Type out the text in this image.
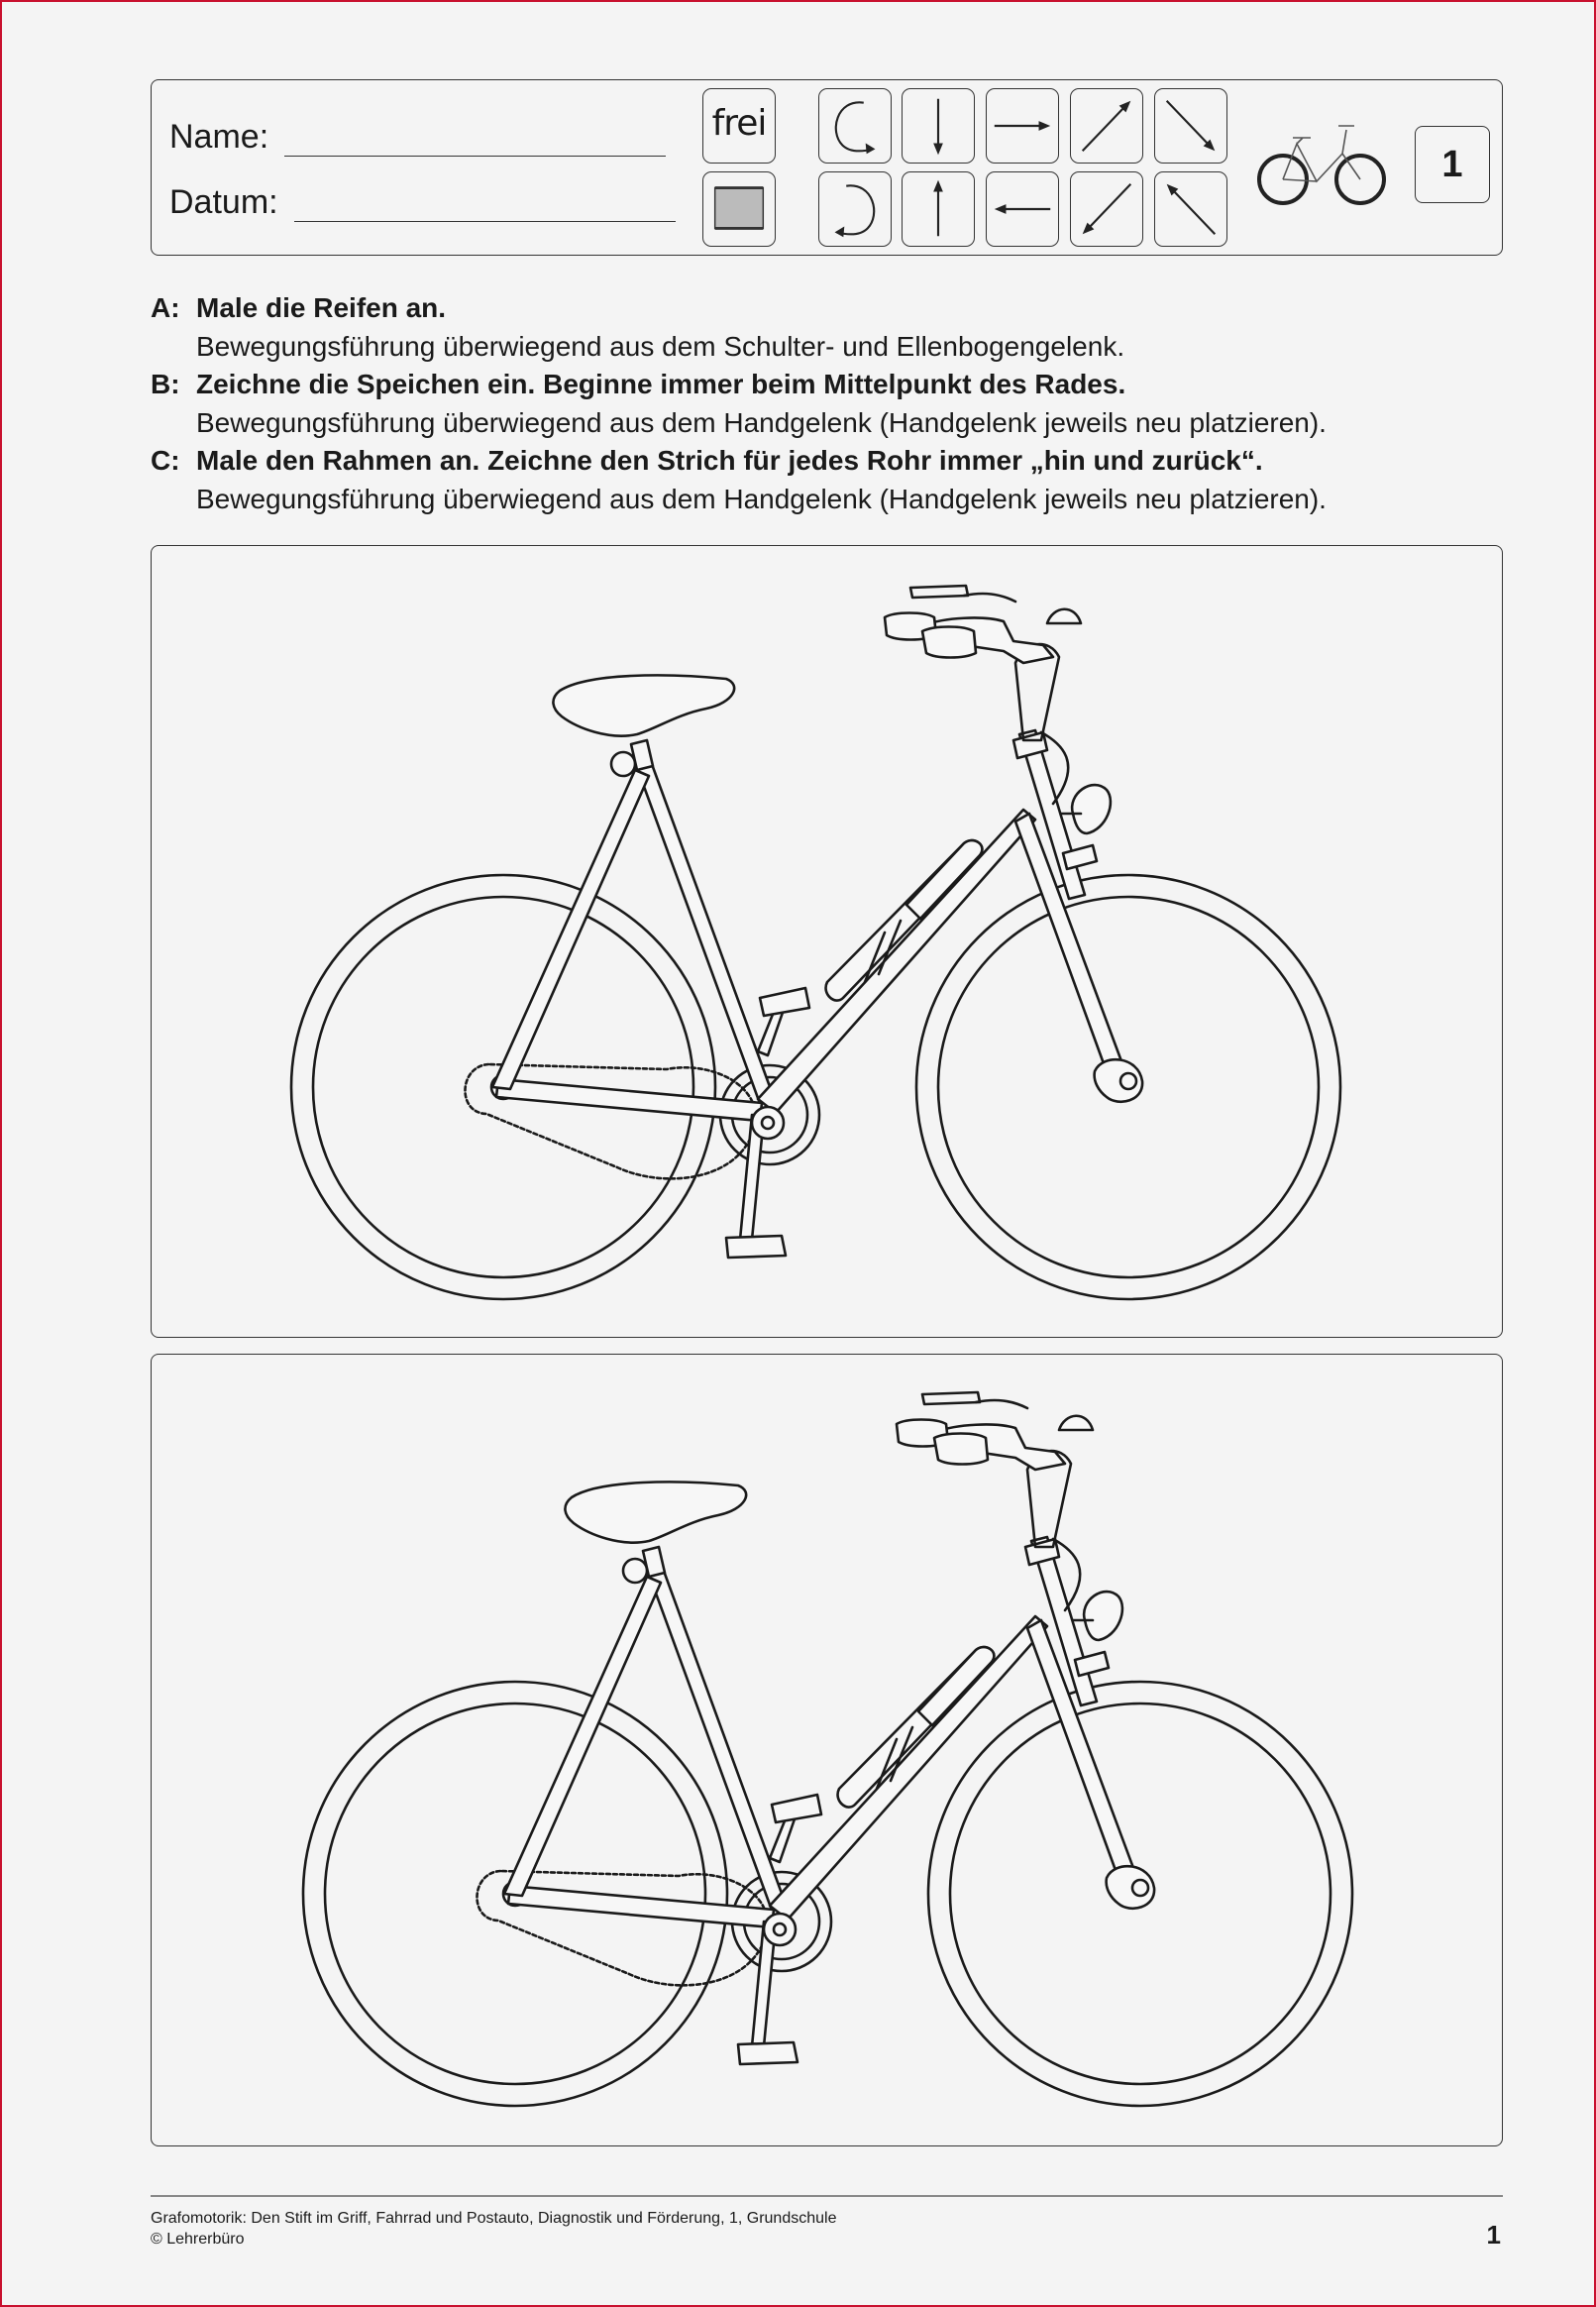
Name:
Datum:
frei
1
A: Male die Reifen an.
Bewegungsführung überwiegend aus dem Schulter- und Ellenbogengelenk.
B: Zeichne die Speichen ein. Beginne immer beim Mittelpunkt des Rades.
Bewegungsführung überwiegend aus dem Handgelenk (Handgelenk jeweils neu platzieren).
C: Male den Rahmen an. Zeichne den Strich für jedes Rohr immer „hin und zurück“.
Bewegungsführung überwiegend aus dem Handgelenk (Handgelenk jeweils neu platzieren).
Grafomotorik: Den Stift im Griff, Fahrrad und Postauto, Diagnostik und Förderung, 1, Grundschule
© Lehrerbüro	1
